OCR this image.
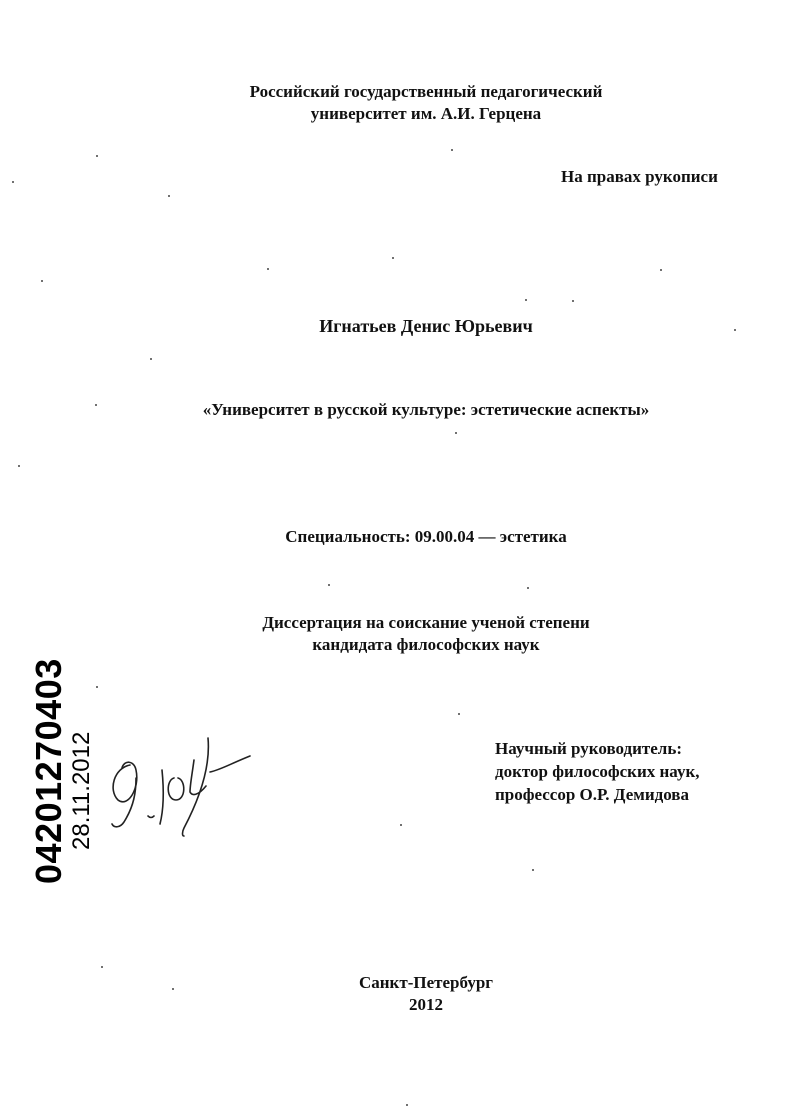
Российский государственный педагогический
университет им. А.И. Герцена
На правах рукописи
Игнатьев Денис Юрьевич
«Университет в русской культуре: эстетические аспекты»
Специальность: 09.00.04 — эстетика
Диссертация на соискание ученой степени
кандидата философских наук
Научный руководитель:
доктор философских наук,
профессор О.Р. Демидова
Санкт-Петербург
2012
04201270403 28.11.2012
